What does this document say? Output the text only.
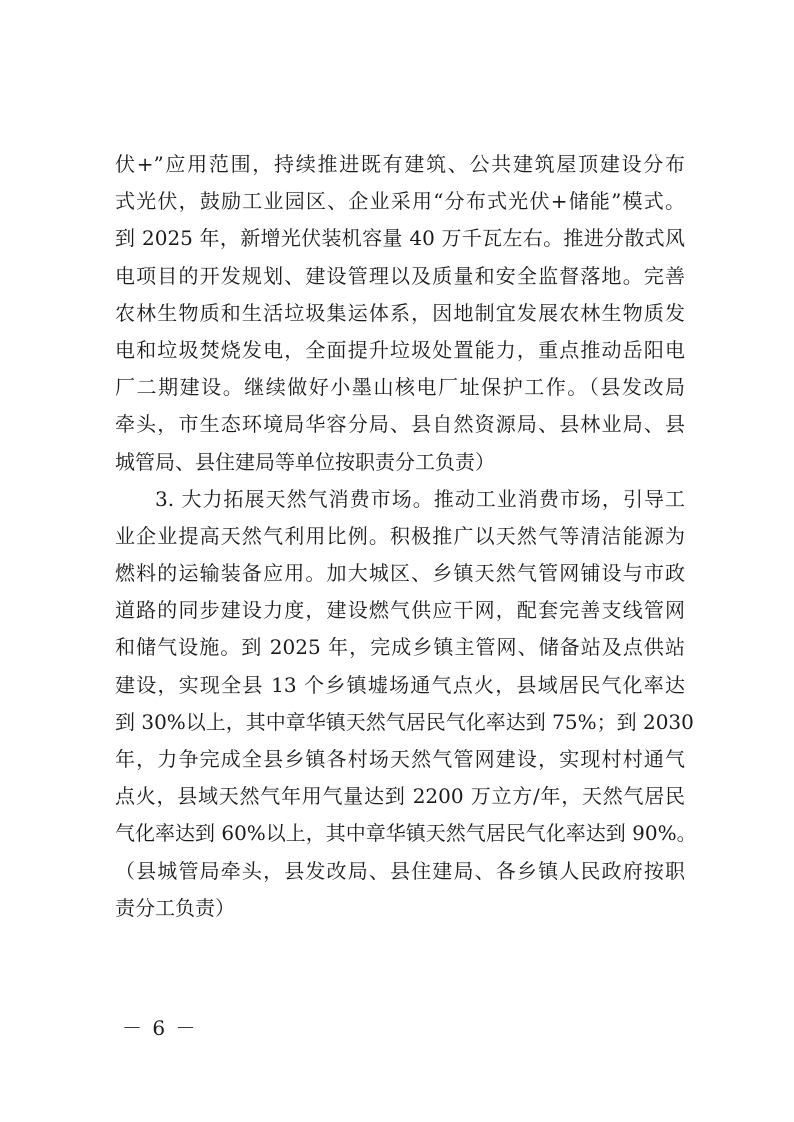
伏+”应用范围，持续推进既有建筑、公共建筑屋顶建设分布
式光伏，鼓励工业园区、企业采用“分布式光伏+储能”模式。
到 2025 年，新增光伏装机容量 40 万千瓦左右。推进分散式风
电项目的开发规划、建设管理以及质量和安全监督落地。完善
农林生物质和生活垃圾集运体系，因地制宜发展农林生物质发
电和垃圾焚烧发电，全面提升垃圾处置能力，重点推动岳阳电
厂二期建设。继续做好小墨山核电厂址保护工作。（县发改局
牵头，市生态环境局华容分局、县自然资源局、县林业局、县
城管局、县住建局等单位按职责分工负责）
3. 大力拓展天然气消费市场。推动工业消费市场，引导工
业企业提高天然气利用比例。积极推广以天然气等清洁能源为
燃料的运输装备应用。加大城区、乡镇天然气管网铺设与市政
道路的同步建设力度，建设燃气供应干网，配套完善支线管网
和储气设施。到 2025 年，完成乡镇主管网、储备站及点供站
建设，实现全县 13 个乡镇墟场通气点火，县域居民气化率达
到 30%以上，其中章华镇天然气居民气化率达到 75%；到 2030
年，力争完成全县乡镇各村场天然气管网建设，实现村村通气
点火，县域天然气年用气量达到 2200 万立方/年，天然气居民
气化率达到 60%以上，其中章华镇天然气居民气化率达到 90%。
（县城管局牵头，县发改局、县住建局、各乡镇人民政府按职
责分工负责）
－ 6 －
